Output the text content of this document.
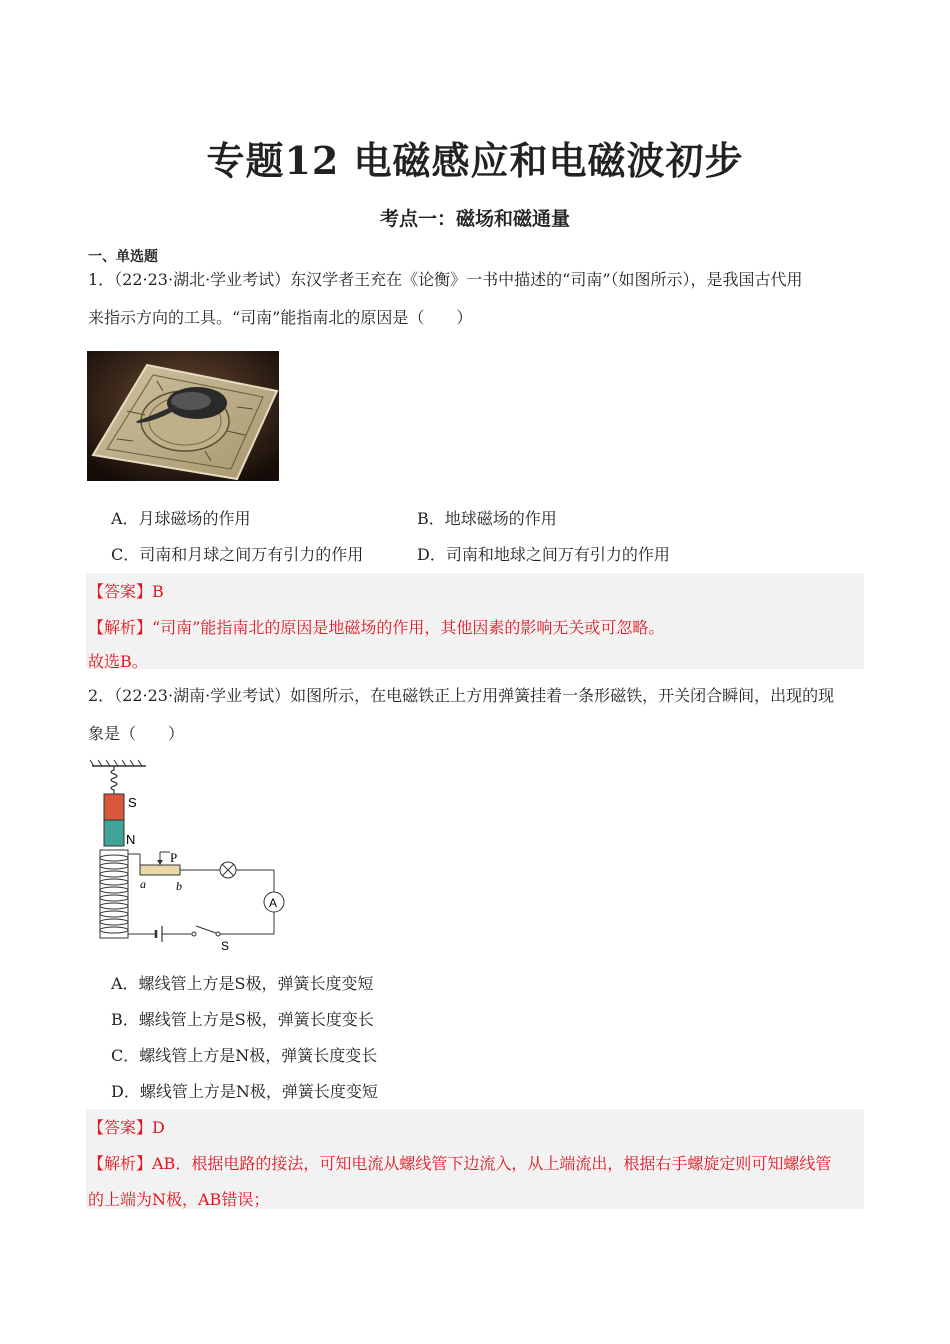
专题12 电磁感应和电磁波初步
考点一：磁场和磁通量
一、单选题
1．（22·23·湖北·学业考试）东汉学者王充在《论衡》一书中描述的“司南”（如图所示），是我国古代用
来指示方向的工具。“司南”能指南北的原因是（　　）
A．月球磁场的作用	B．地球磁场的作用
C．司南和月球之间万有引力的作用	D．司南和地球之间万有引力的作用
【答案】B
【解析】“司南”能指南北的原因是地磁场的作用，其他因素的影响无关或可忽略。
故选B。
2．（22·23·湖南·学业考试）如图所示，在电磁铁正上方用弹簧挂着一条形磁铁，开关闭合瞬间，出现的现
象是（　　）
S
N
P
a	b
A
S
A．螺线管上方是S极，弹簧长度变短
B．螺线管上方是S极，弹簧长度变长
C．螺线管上方是N极，弹簧长度变长
D．螺线管上方是N极，弹簧长度变短
【答案】D
【解析】AB．根据电路的接法，可知电流从螺线管下边流入，从上端流出，根据右手螺旋定则可知螺线管
的上端为N极，AB错误；
